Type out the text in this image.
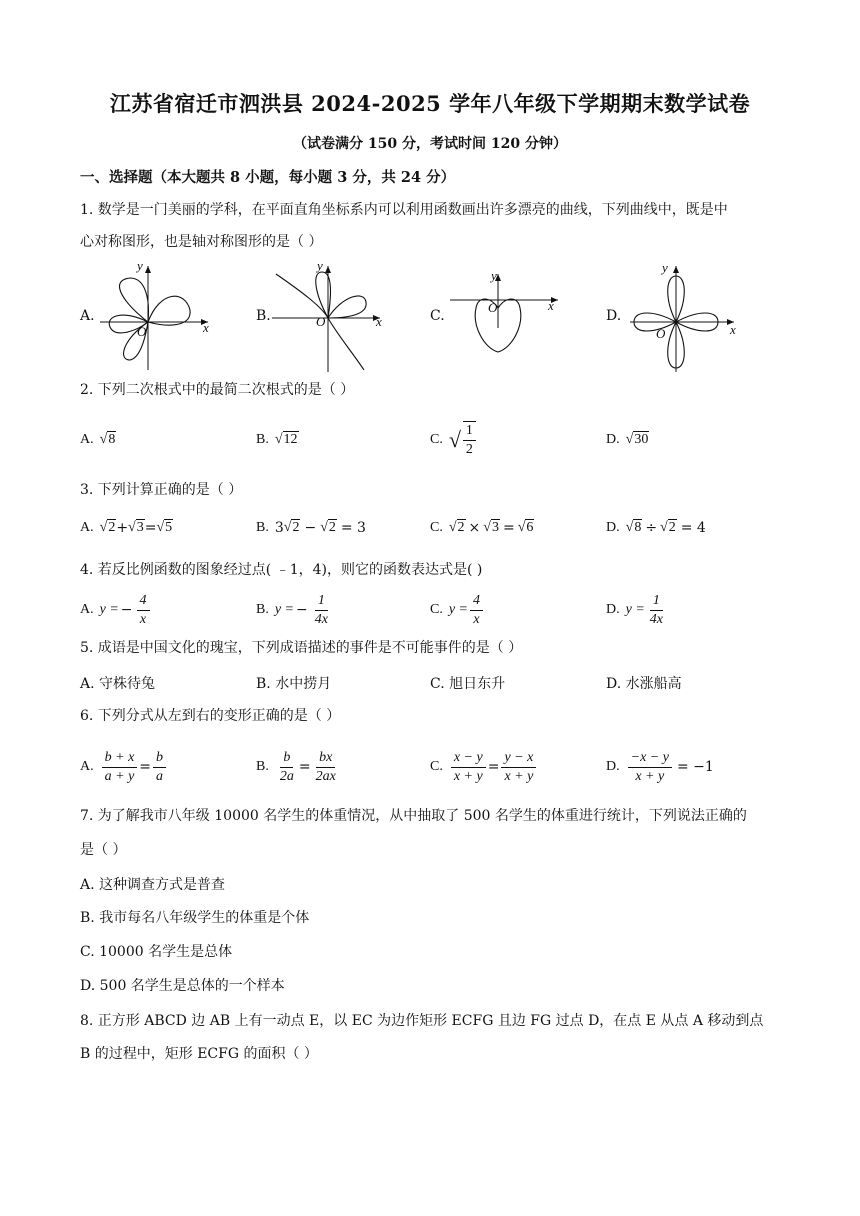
江苏省宿迁市泗洪县 2024-2025 学年八年级下学期期末数学试卷
（试卷满分 150 分，考试时间 120 分钟）
一、选择题（本大题共 8 小题，每小题 3 分，共 24 分）
1. 数学是一门美丽的学科，在平面直角坐标系内可以利用函数画出许多漂亮的曲线，下列曲线中，既是中
心对称图形，也是轴对称图形的是（ ）
A.
O	x
y
B.	O	x
y
C.
O	x
y
D.
O	x
y
2. 下列二次根式中的最简二次根式的是（ ）
A. √8	B. √12	C. √ $\frac{1}{2}$	D. √30
3. 下列计算正确的是（ ）
A. √2 + √3 = √5	B. 3 √2 − √2 = 3	C. √2 × √3 = √6	D. √8 ÷ √2 = 4
4. 若反比例函数的图象经过点( ﹣1，4)，则它的函数表达式是( )
A. y = − $\frac{4}{x}$	B. y = − $\frac{1}{4x}$	C. $y = \frac{4}{x}$	D. $y = \frac{1}{4x}$
5. 成语是中国文化的瑰宝，下列成语描述的事件是不可能事件的是（ ）
A. 守株待兔	B. 水中捞月	C. 旭日东升	D. 水涨船高
6. 下列分式从左到右的变形正确的是（ ）
A. $\frac{b + x}{a + y} = \frac{b}{a}$	B. $\frac{b}{2a} = \frac{bx}{2ax}$	C. $\frac{x - y}{x + y} = \frac{y - x}{x + y}$	D. $\frac{-x - y}{x + y} = -1$
7. 为了解我市八年级 10000 名学生的体重情况，从中抽取了 500 名学生的体重进行统计，下列说法正确的
是（ ）
A. 这种调查方式是普查
B. 我市每名八年级学生的体重是个体
C. 10000 名学生是总体
D. 500 名学生是总体的一个样本
8. 正方形 ABCD 边 AB 上有一动点 E，以 EC 为边作矩形 ECFG 且边 FG 过点 D，在点 E 从点 A 移动到点
B 的过程中，矩形 ECFG 的面积（ ）
